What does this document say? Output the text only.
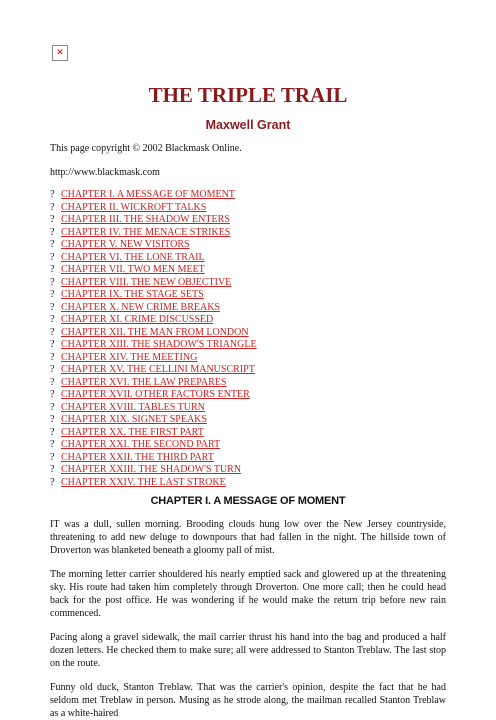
✕
THE TRIPLE TRAIL
Maxwell Grant

This page copyright © 2002 Blackmask Online.

http://www.blackmask.com

? CHAPTER I. A MESSAGE OF MOMENT
? CHAPTER II. WICKROFT TALKS
? CHAPTER III. THE SHADOW ENTERS
? CHAPTER IV. THE MENACE STRIKES
? CHAPTER V. NEW VISITORS
? CHAPTER VI. THE LONE TRAIL
? CHAPTER VII. TWO MEN MEET
? CHAPTER VIII. THE NEW OBJECTIVE
? CHAPTER IX. THE STAGE SETS
? CHAPTER X. NEW CRIME BREAKS
? CHAPTER XI. CRIME DISCUSSED
? CHAPTER XII. THE MAN FROM LONDON
? CHAPTER XIII. THE SHADOW'S TRIANGLE
? CHAPTER XIV. THE MEETING
? CHAPTER XV. THE CELLINI MANUSCRIPT
? CHAPTER XVI. THE LAW PREPARES
? CHAPTER XVII. OTHER FACTORS ENTER
? CHAPTER XVIII. TABLES TURN
? CHAPTER XIX. SIGNET SPEAKS
? CHAPTER XX. THE FIRST PART
? CHAPTER XXI. THE SECOND PART
? CHAPTER XXII. THE THIRD PART
? CHAPTER XXIII. THE SHADOW'S TURN
? CHAPTER XXIV. THE LAST STROKE
CHAPTER I. A MESSAGE OF MOMENT

IT was a dull, sullen morning. Brooding clouds hung low over the New Jersey countryside, threatening to add new deluge to downpours that had fallen in the night. The hillside town of Droverton was blanketed beneath a gloomy pall of mist.

The morning letter carrier shouldered his nearly emptied sack and glowered up at the threatening sky. His route had taken him completely through Droverton. One more call; then he could head back for the post office. He was wondering if he would make the return trip before new rain commenced.

Pacing along a gravel sidewalk, the mail carrier thrust his hand into the bag and produced a half dozen letters. He checked them to make sure; all were addressed to Stanton Treblaw. The last stop on the route.

Funny old duck, Stanton Treblaw. That was the carrier's opinion, despite the fact that he had seldom met Treblaw in person. Musing as he strode along, the mailman recalled Stanton Treblaw as a white-haired
